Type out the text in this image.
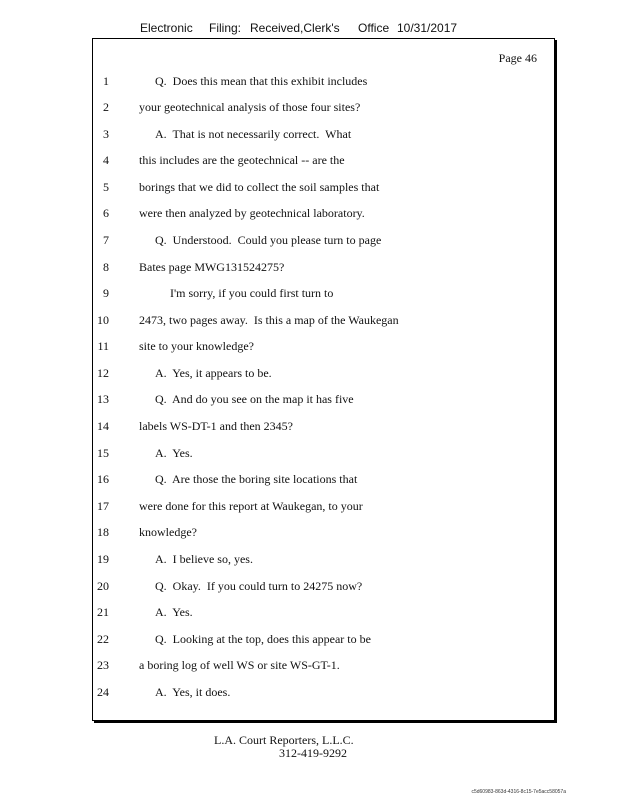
Electronic Filing: Received,Clerk's Office 10/31/2017
Page 46
1	Q.  Does this mean that this exhibit includes
2	your geotechnical analysis of those four sites?
3	A.  That is not necessarily correct.  What
4	this includes are the geotechnical -- are the
5	borings that we did to collect the soil samples that
6	were then analyzed by geotechnical laboratory.
7	Q.  Understood.  Could you please turn to page
8	Bates page MWG131524275?
9	I'm sorry, if you could first turn to
10	2473, two pages away.  Is this a map of the Waukegan
11	site to your knowledge?
12	A.  Yes, it appears to be.
13	Q.  And do you see on the map it has five
14	labels WS-DT-1 and then 2345?
15	A.  Yes.
16	Q.  Are those the boring site locations that
17	were done for this report at Waukegan, to your
18	knowledge?
19	A.  I believe so, yes.
20	Q.  Okay.  If you could turn to 24275 now?
21	A.  Yes.
22	Q.  Looking at the top, does this appear to be
23	a boring log of well WS or site WS-GT-1.
24	A.  Yes, it does.
L.A. Court Reporters, L.L.C.
312-419-9292
c5d60983-863d-4316-8c15-7e5acc58057a
